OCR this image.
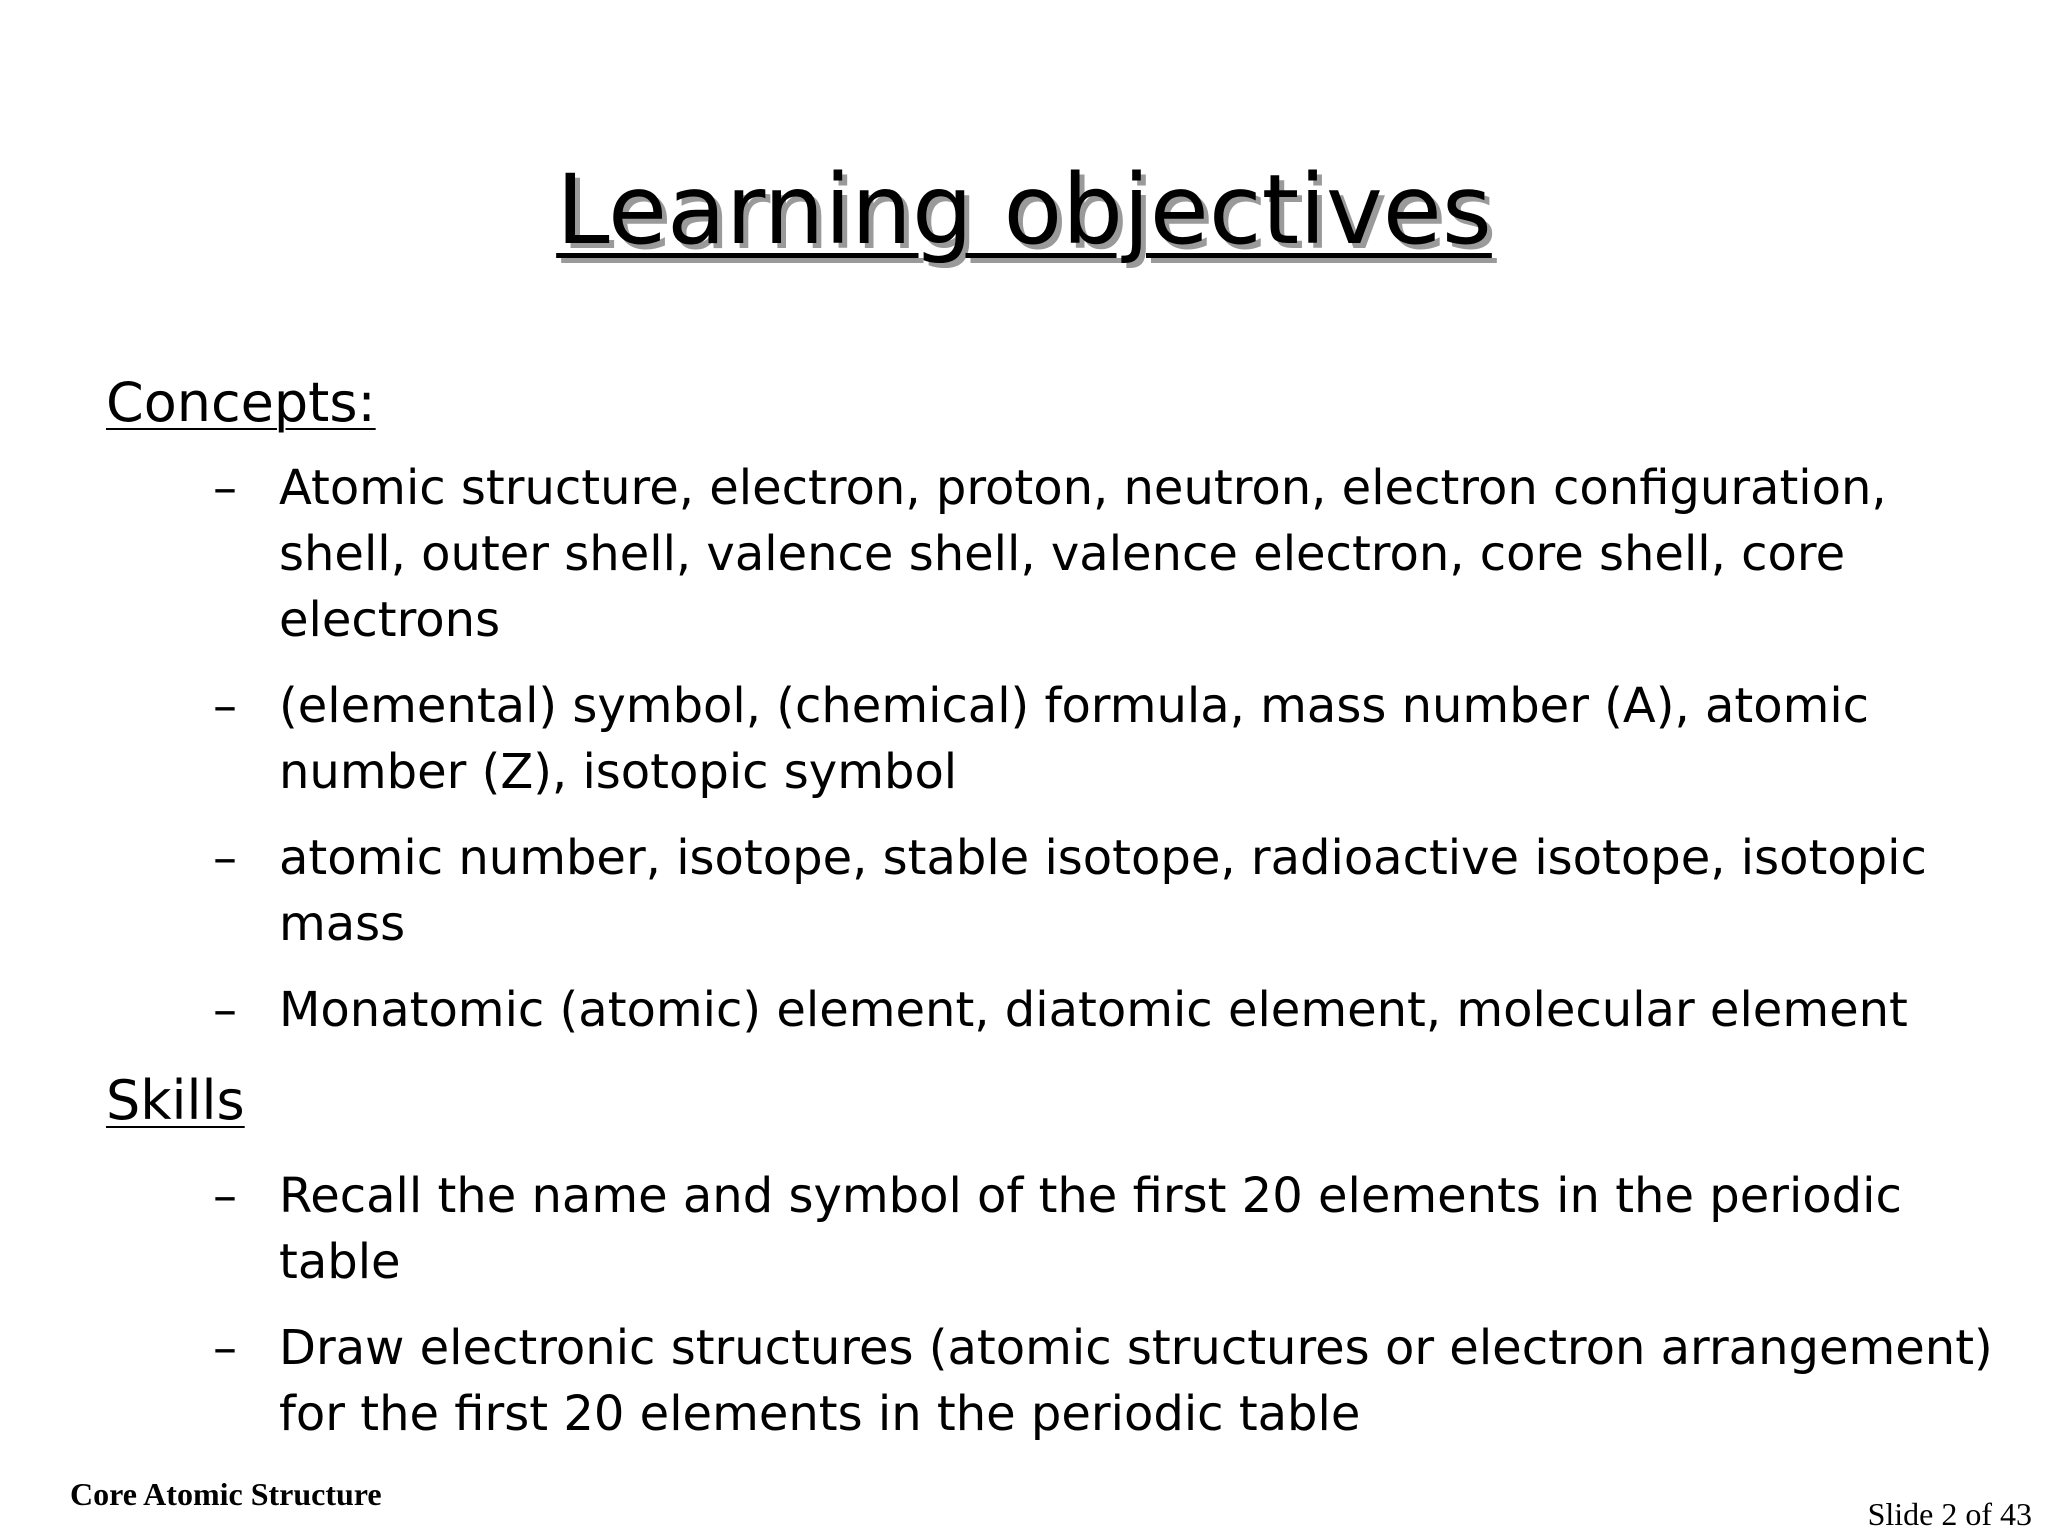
Learning objectives
Concepts:
– Atomic structure, electron, proton, neutron, electron configuration, shell, outer shell, valence shell, valence electron, core shell, core electrons
– (elemental) symbol, (chemical) formula, mass number (A), atomic number (Z), isotopic symbol
– atomic number, isotope, stable isotope, radioactive isotope, isotopic mass
– Monatomic (atomic) element, diatomic element, molecular element
Skills
– Recall the name and symbol of the first 20 elements in the periodic table
– Draw electronic structures (atomic structures or electron arrangement) for the first 20 elements in the periodic table
Core Atomic Structure
Slide 2 of 43
